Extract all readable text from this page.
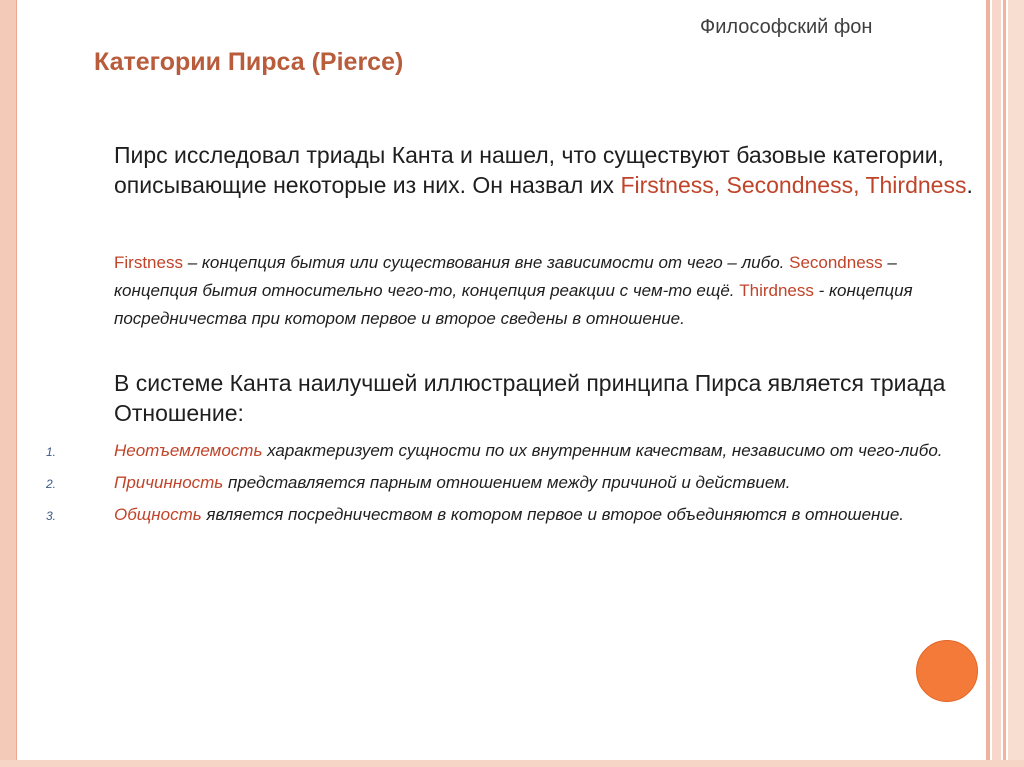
Философский фон
Категории Пирса (Pierce)

Пирс исследовал триады Канта и нашел, что существуют базовые категории, описывающие некоторые из них. Он назвал их Firstness, Secondness, Thirdness.

Firstness – концепция бытия или существования вне зависимости от чего – либо. Secondness – концепция бытия относительно чего-то, концепция реакции с чем-то ещё. Thirdness - концепция посредничества при котором первое и второе сведены в отношение.

В системе Канта наилучшей иллюстрацией принципа Пирса является триада Отношение:

1.	Неотъемлемость характеризует сущности по их внутренним качествам, независимо от чего-либо.
2.	Причинность представляется парным отношением между причиной и действием.
3.	Общность является посредничеством в котором первое и второе объединяются в отношение.
